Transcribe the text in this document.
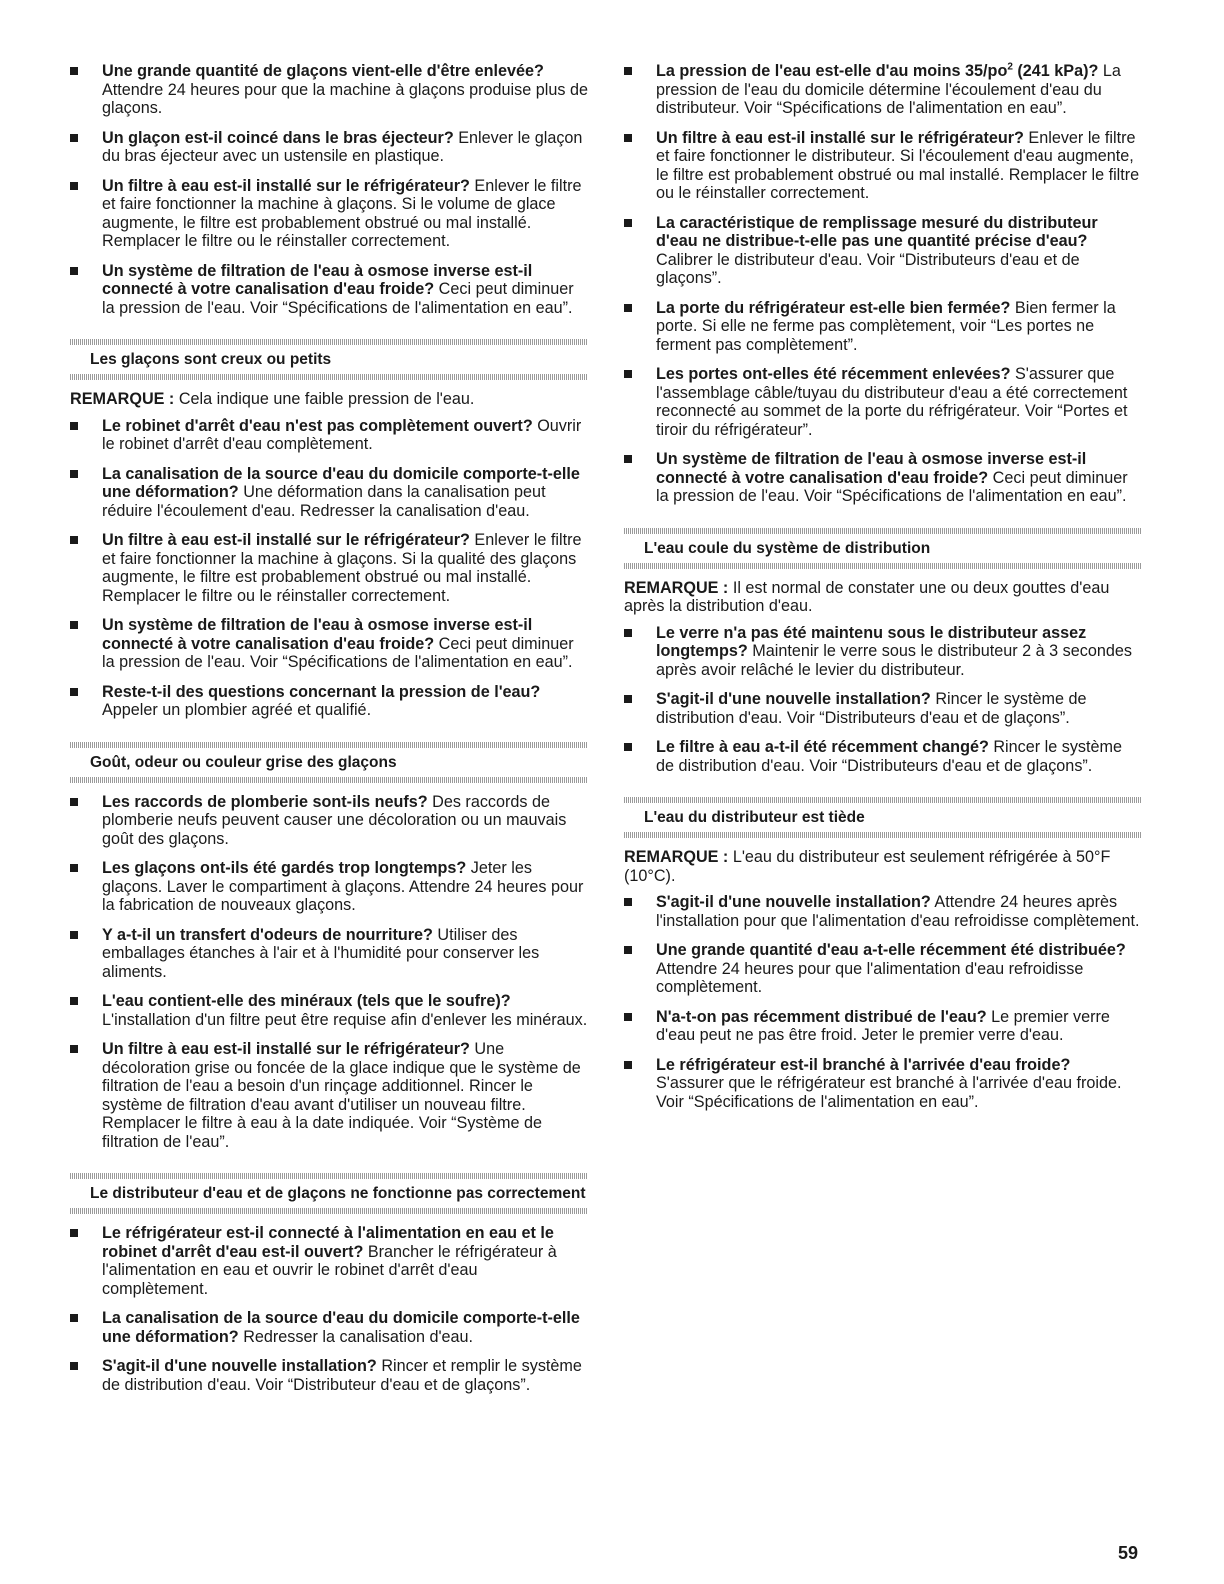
Une grande quantité de glaçons vient-elle d'être enlevée? Attendre 24 heures pour que la machine à glaçons produise plus de glaçons.
Un glaçon est-il coincé dans le bras éjecteur? Enlever le glaçon du bras éjecteur avec un ustensile en plastique.
Un filtre à eau est-il installé sur le réfrigérateur? Enlever le filtre et faire fonctionner la machine à glaçons. Si le volume de glace augmente, le filtre est probablement obstrué ou mal installé. Remplacer le filtre ou le réinstaller correctement.
Un système de filtration de l'eau à osmose inverse est-il connecté à votre canalisation d'eau froide? Ceci peut diminuer la pression de l'eau. Voir “Spécifications de l'alimentation en eau”.
Les glaçons sont creux ou petits
REMARQUE : Cela indique une faible pression de l'eau.
Le robinet d'arrêt d'eau n'est pas complètement ouvert? Ouvrir le robinet d'arrêt d'eau complètement.
La canalisation de la source d'eau du domicile comporte-t-elle une déformation? Une déformation dans la canalisation peut réduire l'écoulement d'eau. Redresser la canalisation d'eau.
Un filtre à eau est-il installé sur le réfrigérateur? Enlever le filtre et faire fonctionner la machine à glaçons. Si la qualité des glaçons augmente, le filtre est probablement obstrué ou mal installé. Remplacer le filtre ou le réinstaller correctement.
Un système de filtration de l'eau à osmose inverse est-il connecté à votre canalisation d'eau froide? Ceci peut diminuer la pression de l'eau. Voir “Spécifications de l'alimentation en eau”.
Reste-t-il des questions concernant la pression de l'eau? Appeler un plombier agréé et qualifié.
Goût, odeur ou couleur grise des glaçons
Les raccords de plomberie sont-ils neufs? Des raccords de plomberie neufs peuvent causer une décoloration ou un mauvais goût des glaçons.
Les glaçons ont-ils été gardés trop longtemps? Jeter les glaçons. Laver le compartiment à glaçons. Attendre 24 heures pour la fabrication de nouveaux glaçons.
Y a-t-il un transfert d'odeurs de nourriture? Utiliser des emballages étanches à l'air et à l'humidité pour conserver les aliments.
L'eau contient-elle des minéraux (tels que le soufre)? L'installation d'un filtre peut être requise afin d'enlever les minéraux.
Un filtre à eau est-il installé sur le réfrigérateur? Une décoloration grise ou foncée de la glace indique que le système de filtration de l'eau a besoin d'un rinçage additionnel. Rincer le système de filtration d'eau avant d'utiliser un nouveau filtre. Remplacer le filtre à eau à la date indiquée. Voir “Système de filtration de l'eau”.
Le distributeur d'eau et de glaçons ne fonctionne pas correctement
Le réfrigérateur est-il connecté à l'alimentation en eau et le robinet d'arrêt d'eau est-il ouvert? Brancher le réfrigérateur à l'alimentation en eau et ouvrir le robinet d'arrêt d'eau complètement.
La canalisation de la source d'eau du domicile comporte-t-elle une déformation? Redresser la canalisation d'eau.
S'agit-il d'une nouvelle installation? Rincer et remplir le système de distribution d'eau. Voir “Distributeur d'eau et de glaçons”.
La pression de l'eau est-elle d'au moins $35/po^2$ (241 kPa)? La pression de l'eau du domicile détermine l'écoulement d'eau du distributeur. Voir “Spécifications de l'alimentation en eau”.
Un filtre à eau est-il installé sur le réfrigérateur? Enlever le filtre et faire fonctionner le distributeur. Si l'écoulement d'eau augmente, le filtre est probablement obstrué ou mal installé. Remplacer le filtre ou le réinstaller correctement.
La caractéristique de remplissage mesuré du distributeur d'eau ne distribue-t-elle pas une quantité précise d'eau? Calibrer le distributeur d'eau. Voir “Distributeurs d'eau et de glaçons”.
La porte du réfrigérateur est-elle bien fermée? Bien fermer la porte. Si elle ne ferme pas complètement, voir “Les portes ne ferment pas complètement”.
Les portes ont-elles été récemment enlevées? S'assurer que l'assemblage câble/tuyau du distributeur d'eau a été correctement reconnecté au sommet de la porte du réfrigérateur. Voir “Portes et tiroir du réfrigérateur”.
Un système de filtration de l'eau à osmose inverse est-il connecté à votre canalisation d'eau froide? Ceci peut diminuer la pression de l'eau. Voir “Spécifications de l'alimentation en eau”.
L'eau coule du système de distribution
REMARQUE : Il est normal de constater une ou deux gouttes d'eau après la distribution d'eau.
Le verre n'a pas été maintenu sous le distributeur assez longtemps? Maintenir le verre sous le distributeur 2 à 3 secondes après avoir relâché le levier du distributeur.
S'agit-il d'une nouvelle installation? Rincer le système de distribution d'eau. Voir “Distributeurs d'eau et de glaçons”.
Le filtre à eau a-t-il été récemment changé? Rincer le système de distribution d'eau. Voir “Distributeurs d'eau et de glaçons”.
L'eau du distributeur est tiède
REMARQUE : L'eau du distributeur est seulement réfrigérée à 50°F (10°C).
S'agit-il d'une nouvelle installation? Attendre 24 heures après l'installation pour que l'alimentation d'eau refroidisse complètement.
Une grande quantité d'eau a-t-elle récemment été distribuée? Attendre 24 heures pour que l'alimentation d'eau refroidisse complètement.
N'a-t-on pas récemment distribué de l'eau? Le premier verre d'eau peut ne pas être froid. Jeter le premier verre d'eau.
Le réfrigérateur est-il branché à l'arrivée d'eau froide? S'assurer que le réfrigérateur est branché à l'arrivée d'eau froide. Voir “Spécifications de l'alimentation en eau”.
59
